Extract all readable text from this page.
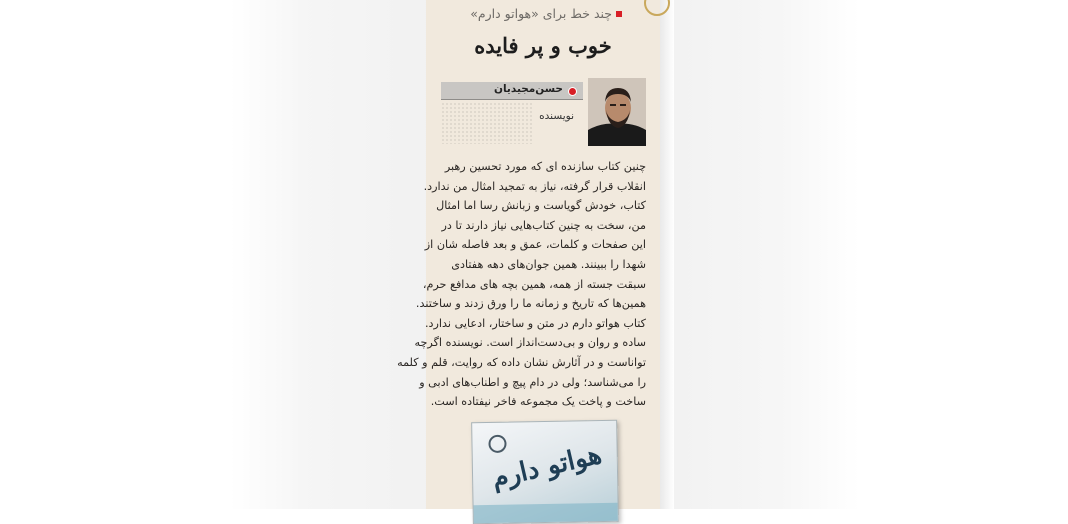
چند خط برای «هواتو دارم»
خوب و پر فایده
حسن‌مجیدیان
نویسنده

چنین کتاب سازنده ای که مورد تحسین رهبر

انقلاب قرار گرفته، نیاز به تمجید امثال من ندارد.

کتاب، خودش گویاست و زبانش رسا اما امثال

من، سخت به چنین کتاب‌هایی نیاز دارند تا در

این صفحات و کلمات، عمق و بعد فاصله شان از

شهدا را ببینند. همین جوان‌های دهه هفتادی

سبقت جسته از همه، همین بچه های مدافع حرم،

همین‌ها که تاریخ و زمانه ما را ورق زدند و ساختند.

کتاب هواتو دارم در متن و ساختار، ادعایی ندارد.

ساده و روان و بی‌دست‌انداز است. نویسنده اگرچه

تواناست و در آثارش نشان داده که روایت، قلم و کلمه

را می‌شناسد؛ ولی در دام پیچ و اطناب‌های ادبی و

ساخت و پاخت یک مجموعه فاخر نیفتاده است.

هواتو دارم
